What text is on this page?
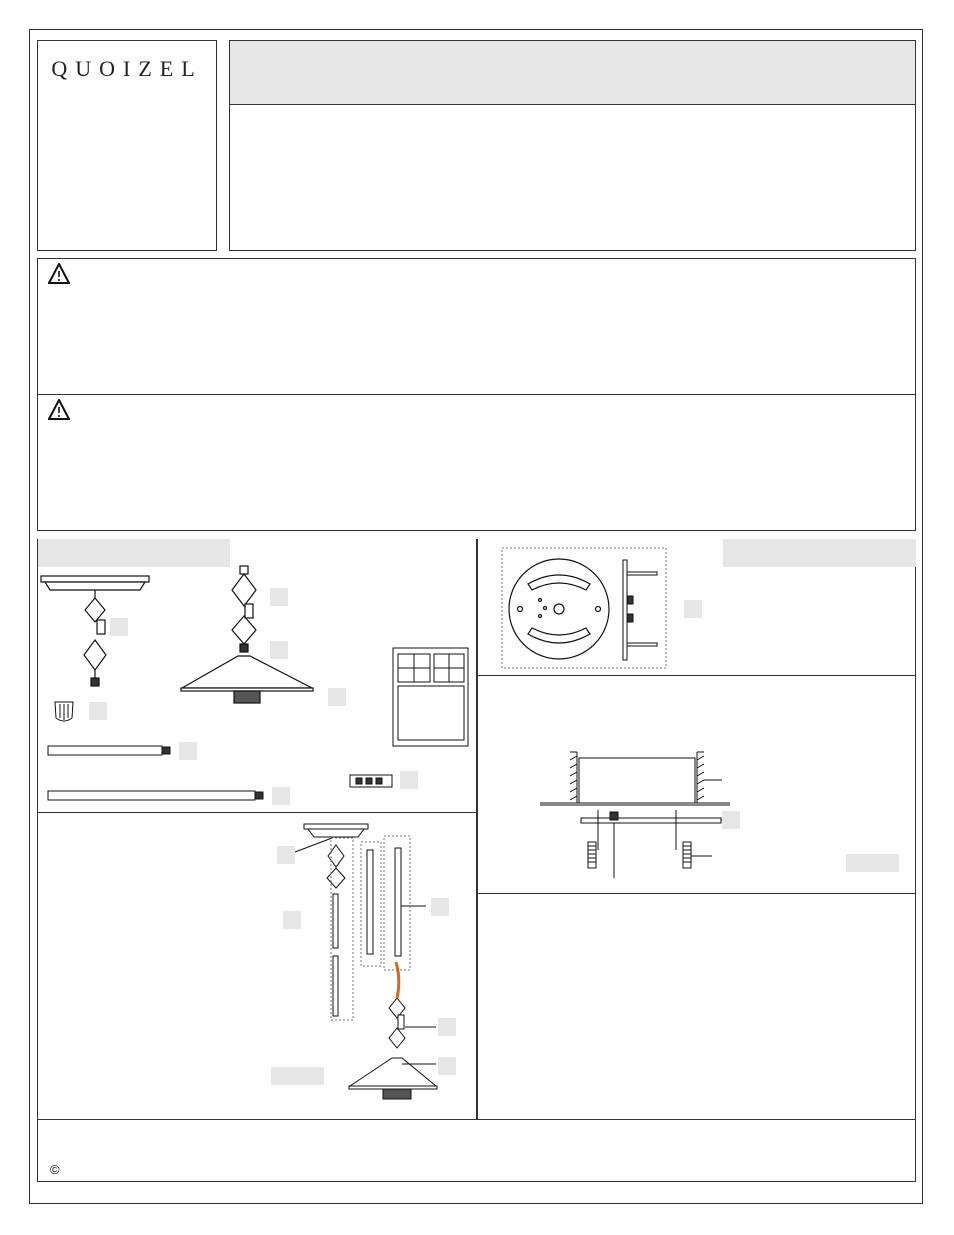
QUOIZEL
©
